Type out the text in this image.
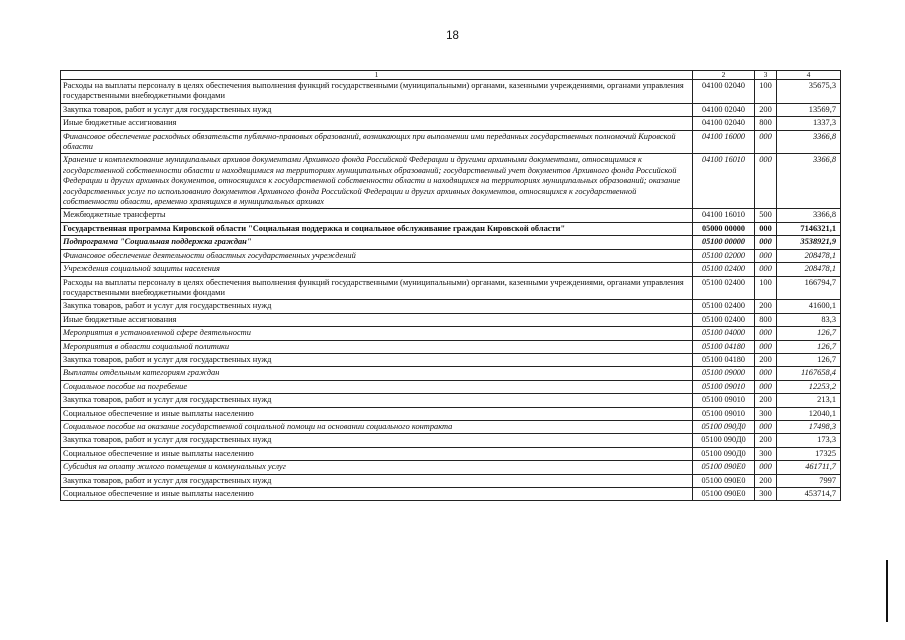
18
1	2	3	4
Расходы на выплаты персоналу в целях обеспечения выполнения функций государственными (муниципальными) органами, казенными учреждениями, органами управления государственными внебюджетными фондами	04100 02040	100	35675,3
Закупка товаров, работ и услуг для государственных нужд	04100 02040	200	13569,7
Иные бюджетные ассигнования	04100 02040	800	1337,3
Финансовое обеспечение расходных обязательств публично-правовых образований, возникающих при выполнении ими переданных государственных полномочий Кировской области	04100 16000	000	3366,8
Хранение и комплектование муниципальных архивов документами Архивного фонда Российской Федерации и другими архивными документами, относящимися к государственной собственности области и находящимися на территориях муниципальных образований; государственный учет документов Архивного фонда Российской Федерации и других архивных документов, относящихся к государственной собственности области и находящихся на территориях муниципальных образований; оказание государственных услуг по использованию документов Архивного фонда Российской Федерации и других архивных документов, относящихся к государственной собственности области, временно хранящихся в муниципальных архивах	04100 16010	000	3366,8
Межбюджетные трансферты	04100 16010	500	3366,8
Государственная программа Кировской области "Социальная поддержка и социальное обслуживание граждан Кировской области"	05000 00000	000	7146321,1
Подпрограмма "Социальная поддержка граждан"	05100 00000	000	3538921,9
Финансовое обеспечение деятельности областных государственных учреждений	05100 02000	000	208478,1
Учреждения социальной защиты населения	05100 02400	000	208478,1
Расходы на выплаты персоналу в целях обеспечения выполнения функций государственными (муниципальными) органами, казенными учреждениями, органами управления государственными внебюджетными фондами	05100 02400	100	166794,7
Закупка товаров, работ и услуг для государственных нужд	05100 02400	200	41600,1
Иные бюджетные ассигнования	05100 02400	800	83,3
Мероприятия в установленной сфере деятельности	05100 04000	000	126,7
Мероприятия в области социальной политики	05100 04180	000	126,7
Закупка товаров, работ и услуг для государственных нужд	05100 04180	200	126,7
Выплаты отдельным категориям граждан	05100 09000	000	1167658,4
Социальное пособие на погребение	05100 09010	000	12253,2
Закупка товаров, работ и услуг для государственных нужд	05100 09010	200	213,1
Социальное обеспечение и иные выплаты населению	05100 09010	300	12040,1
Социальное пособие на оказание государственной социальной помощи на основании социального контракта	05100 090Д0	000	17498,3
Закупка товаров, работ и услуг для государственных нужд	05100 090Д0	200	173,3
Социальное обеспечение и иные выплаты населению	05100 090Д0	300	17325
Субсидия на оплату жилого помещения и коммунальных услуг	05100 090Е0	000	461711,7
Закупка товаров, работ и услуг для государственных нужд	05100 090Е0	200	7997
Социальное обеспечение и иные выплаты населению	05100 090Е0	300	453714,7
